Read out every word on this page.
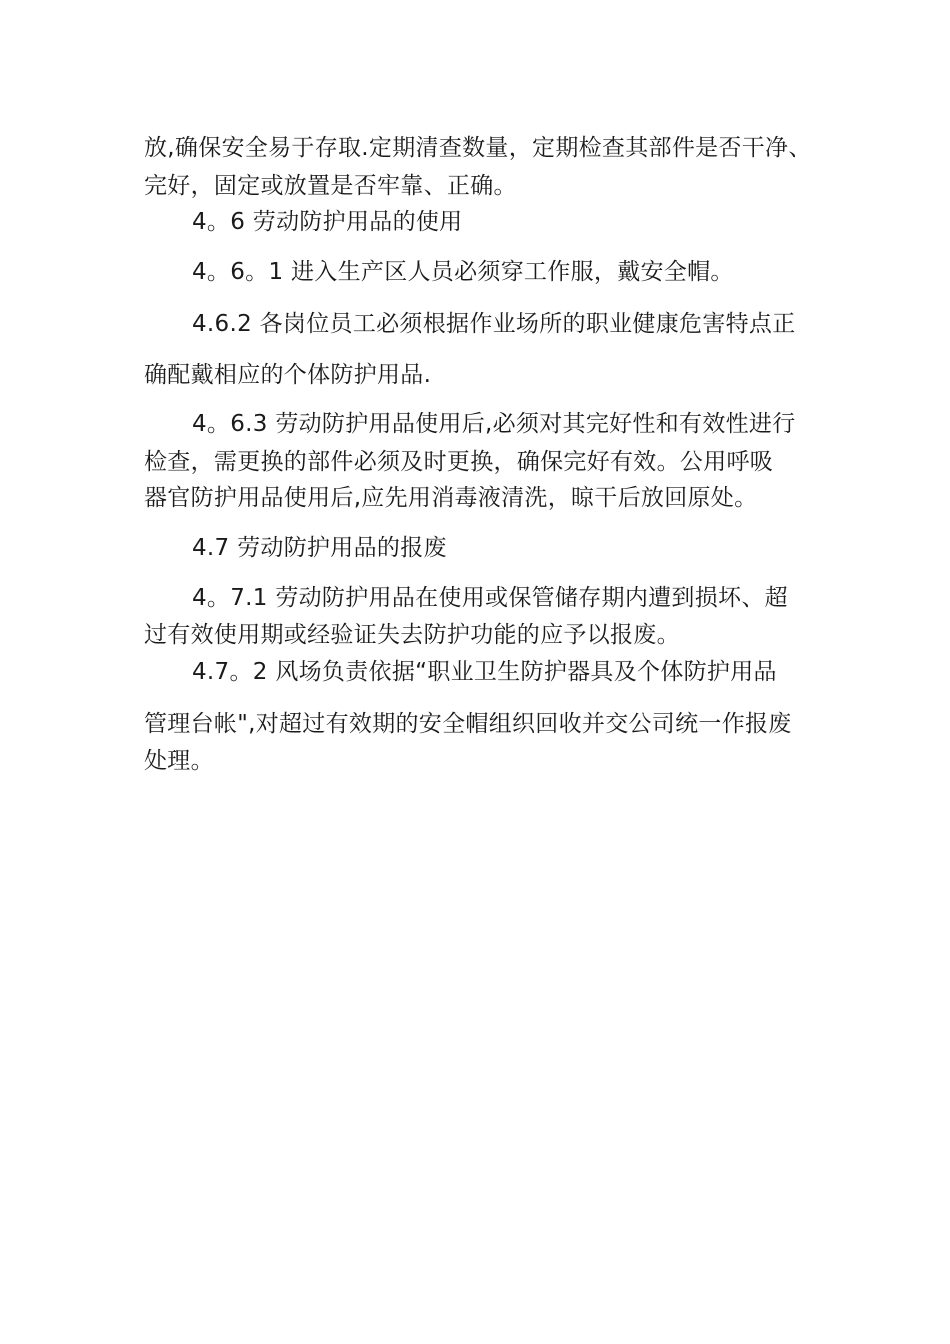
放,确保安全易于存取.定期清查数量，定期检查其部件是否干净、
完好，固定或放置是否牢靠、正确。
4。6 劳动防护用品的使用
4。6。1 进入生产区人员必须穿工作服，戴安全帽。
4.6.2 各岗位员工必须根据作业场所的职业健康危害特点正
确配戴相应的个体防护用品.
4。6.3 劳动防护用品使用后,必须对其完好性和有效性进行
检查，需更换的部件必须及时更换，确保完好有效。公用呼吸
器官防护用品使用后,应先用消毒液清洗，晾干后放回原处。
4.7 劳动防护用品的报废
4。7.1 劳动防护用品在使用或保管储存期内遭到损坏、超
过有效使用期或经验证失去防护功能的应予以报废。
4.7。2 风场负责依据“职业卫生防护器具及个体防护用品
管理台帐",对超过有效期的安全帽组织回收并交公司统一作报废
处理。
